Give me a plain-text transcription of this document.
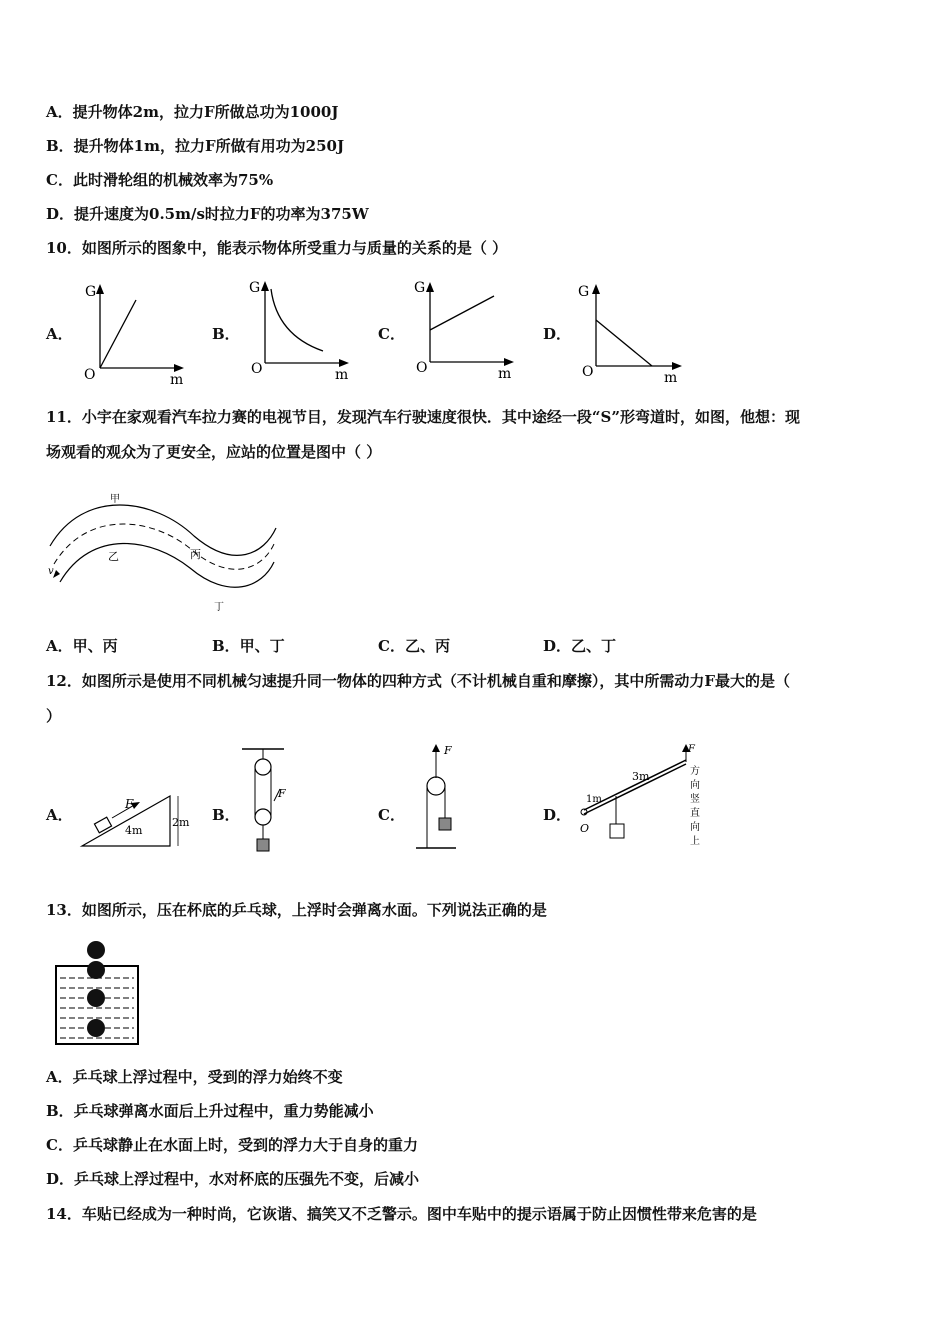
A．提升物体2m，拉力F所做总功为1000J
B．提升物体1m，拉力F所做有用功为250J
C．此时滑轮组的机械效率为75%
D．提升速度为0.5m/s时拉力F的功率为375W
10．如图所示的图象中，能表示物体所受重力与质量的关系的是（ ）
A．	B．	C．	D．
G
O	m
G
O	m
G
O	m
G
O	m
11．小宇在家观看汽车拉力赛的电视节目，发现汽车行驶速度很快．其中途经一段“S”形弯道时，如图，他想：现
场观看的观众为了更安全，应站的位置是图中（ ）
甲
乙	丙
丁
v
A．甲、丙	B．甲、丁	C．乙、丙	D．乙、丁
12．如图所示是使用不同机械匀速提升同一物体的四种方式（不计机械自重和摩擦），其中所需动力F最大的是（
）
A．	B．	C．	D．
F
4m
2m
F
F
1m
3m
O
F
方
向
竖
直
向
上
13．如图所示，压在杯底的乒乓球，上浮时会弹离水面。下列说法正确的是
A．乒乓球上浮过程中，受到的浮力始终不变
B．乒乓球弹离水面后上升过程中，重力势能减小
C．乒乓球静止在水面上时，受到的浮力大于自身的重力
D．乒乓球上浮过程中，水对杯底的压强先不变，后减小
14．车贴已经成为一种时尚，它诙谐、搞笑又不乏警示。图中车贴中的提示语属于防止因惯性带来危害的是
